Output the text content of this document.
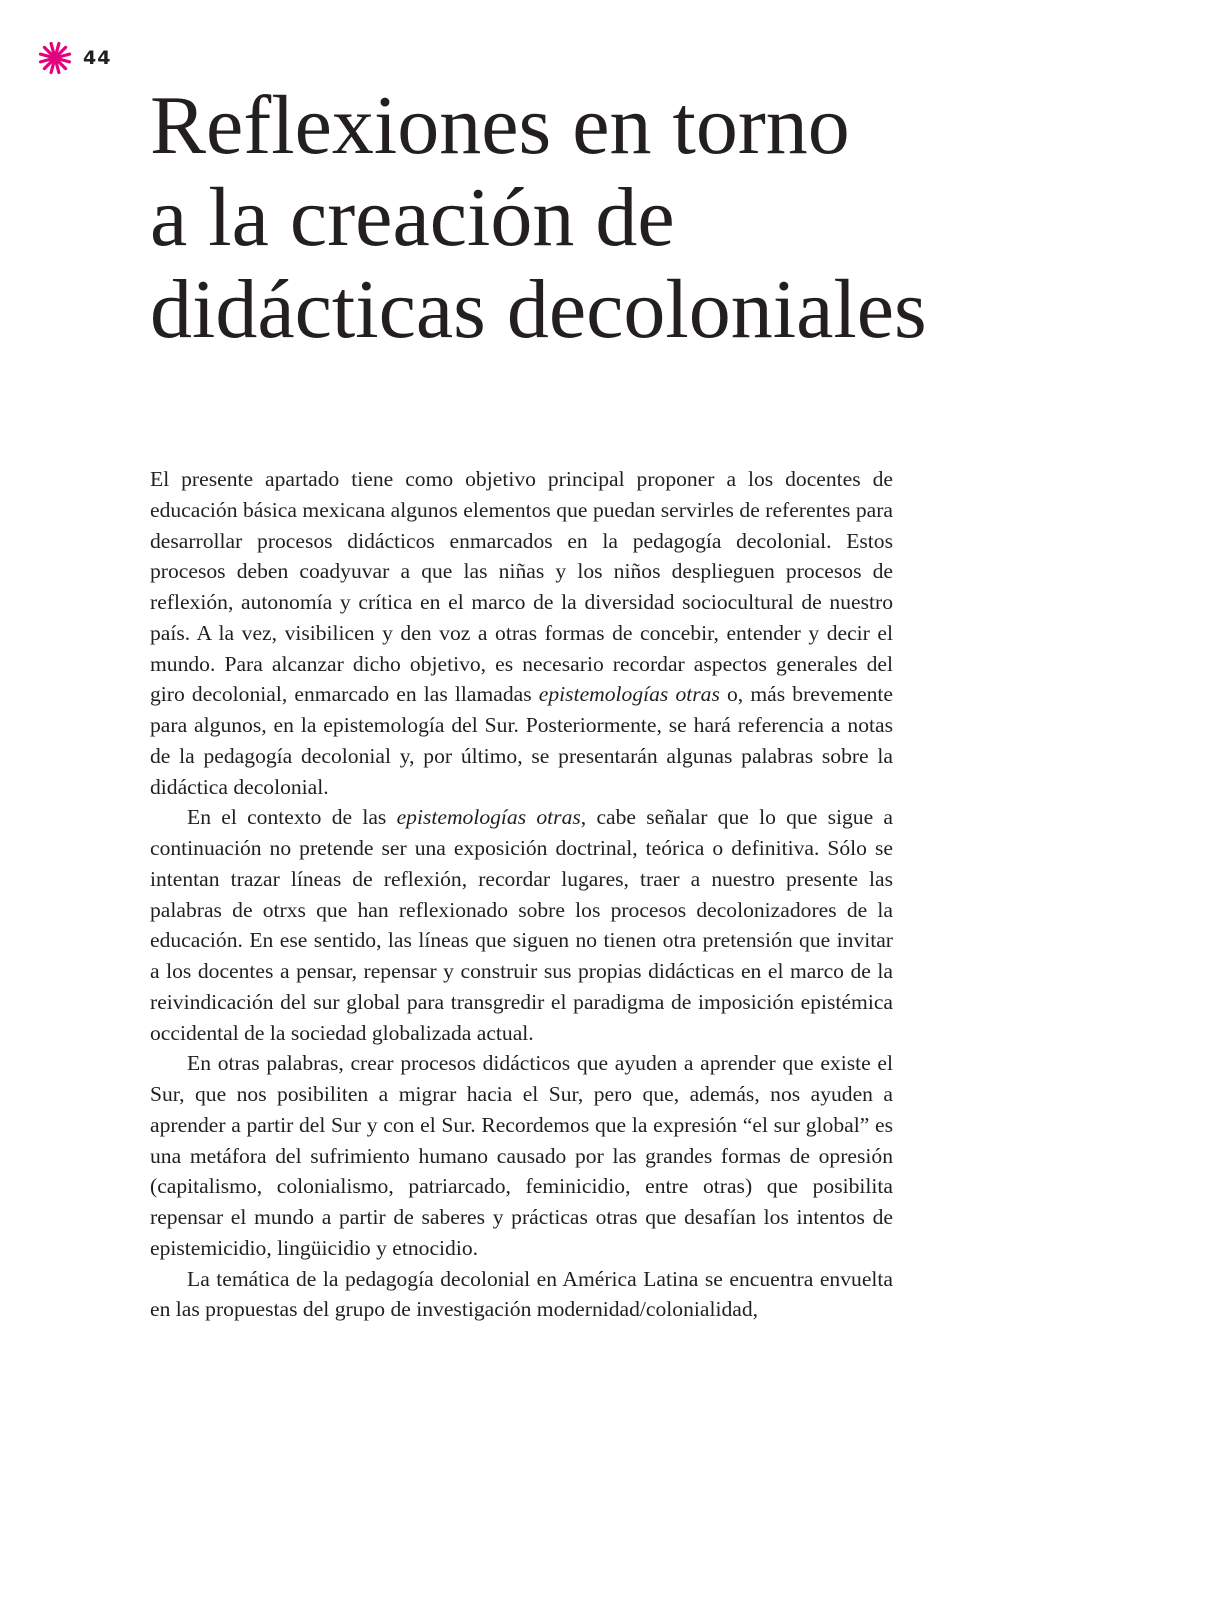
44
Reflexiones en torno
a la creación de
didácticas decoloniales

El presente apartado tiene como objetivo principal proponer a los docentes de educación básica mexicana algunos elementos que puedan servirles de referentes para desarrollar procesos didácticos enmarcados en la pedagogía decolonial. Estos procesos deben coadyuvar a que las niñas y los niños desplieguen procesos de reflexión, autonomía y crítica en el marco de la diversidad sociocultural de nuestro país. A la vez, visibilicen y den voz a otras formas de concebir, entender y decir el mundo. Para alcanzar dicho objetivo, es necesario recordar aspectos generales del giro decolonial, enmarcado en las llamadas epistemologías otras o, más brevemente para algunos, en la epistemología del Sur. Posteriormente, se hará referencia a notas de la pedagogía decolonial y, por último, se presentarán algunas palabras sobre la didáctica decolonial.

En el contexto de las epistemologías otras, cabe señalar que lo que sigue a continuación no pretende ser una exposición doctrinal, teórica o definitiva. Sólo se intentan trazar líneas de reflexión, recordar lugares, traer a nuestro presente las palabras de otrxs que han reflexionado sobre los procesos decolonizadores de la educación. En ese sentido, las líneas que siguen no tienen otra pretensión que invitar a los docentes a pensar, repensar y construir sus propias didácticas en el marco de la reivindicación del sur global para transgredir el paradigma de imposición epistémica occidental de la sociedad globalizada actual.

En otras palabras, crear procesos didácticos que ayuden a aprender que existe el Sur, que nos posibiliten a migrar hacia el Sur, pero que, además, nos ayuden a aprender a partir del Sur y con el Sur. Recordemos que la expresión “el sur global” es una metáfora del sufrimiento humano causado por las grandes formas de opresión (capitalismo, colonialismo, patriarcado, feminicidio, entre otras) que posibilita repensar el mundo a partir de saberes y prácticas otras que desafían los intentos de epistemicidio, lingüicidio y etnocidio.

La temática de la pedagogía decolonial en América Latina se encuentra envuelta en las propuestas del grupo de investigación modernidad/colonialidad,
